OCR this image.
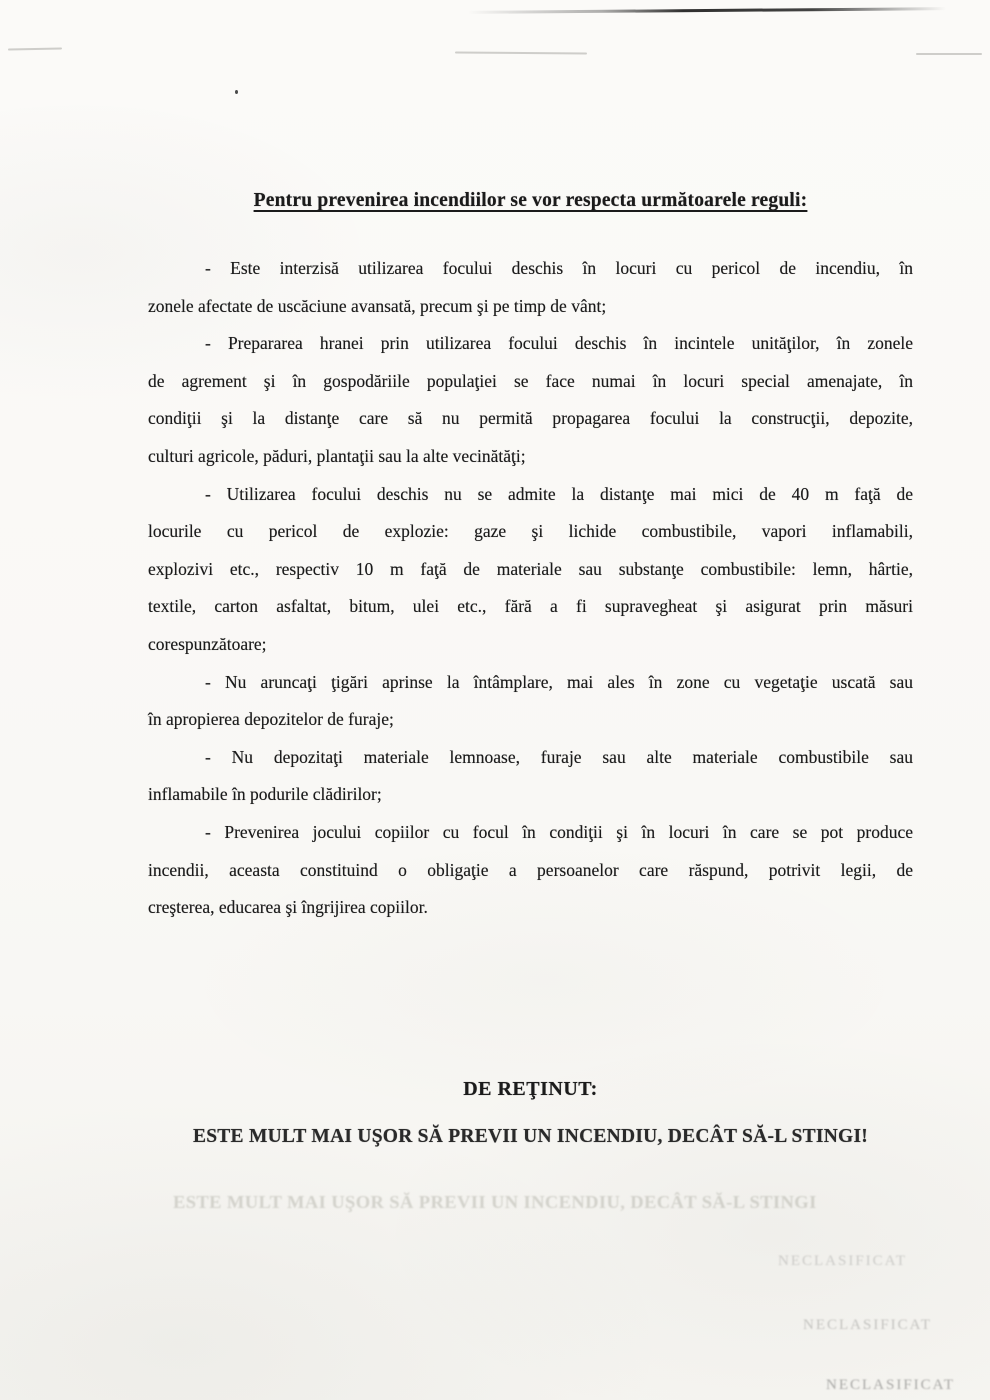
Pentru prevenirea incendiilor se vor respecta următoarele reguli:
- Este interzisă utilizarea focului deschis în locuri cu pericol de incendiu, în
zonele afectate de uscăciune avansată, precum şi pe timp de vânt;
- Prepararea hranei prin utilizarea focului deschis în incintele unităţilor, în zonele
de agrement şi în gospodăriile populaţiei se face numai în locuri special amenajate, în
condiţii şi la distanţe care să nu permită propagarea focului la construcţii, depozite,
culturi agricole, păduri, plantaţii sau la alte vecinătăţi;
- Utilizarea focului deschis nu se admite la distanţe mai mici de 40 m faţă de
locurile cu pericol de explozie: gaze şi lichide combustibile, vapori inflamabili,
explozivi etc., respectiv 10 m faţă de materiale sau substanţe combustibile: lemn, hârtie,
textile, carton asfaltat, bitum, ulei etc., fără a fi supravegheat şi asigurat prin măsuri
corespunzătoare;
- Nu aruncaţi ţigări aprinse la întâmplare, mai ales în zone cu vegetaţie uscată sau
în apropierea depozitelor de furaje;
- Nu depozitaţi materiale lemnoase, furaje sau alte materiale combustibile sau
inflamabile în podurile clădirilor;
- Prevenirea jocului copiilor cu focul în condiţii şi în locuri în care se pot produce
incendii, aceasta constituind o obligaţie a persoanelor care răspund, potrivit legii, de
creşterea, educarea şi îngrijirea copiilor.
DE REŢINUT:
ESTE MULT MAI UŞOR SĂ PREVII UN INCENDIU, DECÂT SĂ-L STINGI!
ESTE MULT MAI UŞOR SĂ PREVII UN INCENDIU, DECÂT SĂ-L STINGI
NECLASIFICAT
NECLASIFICAT
NECLASIFICAT
